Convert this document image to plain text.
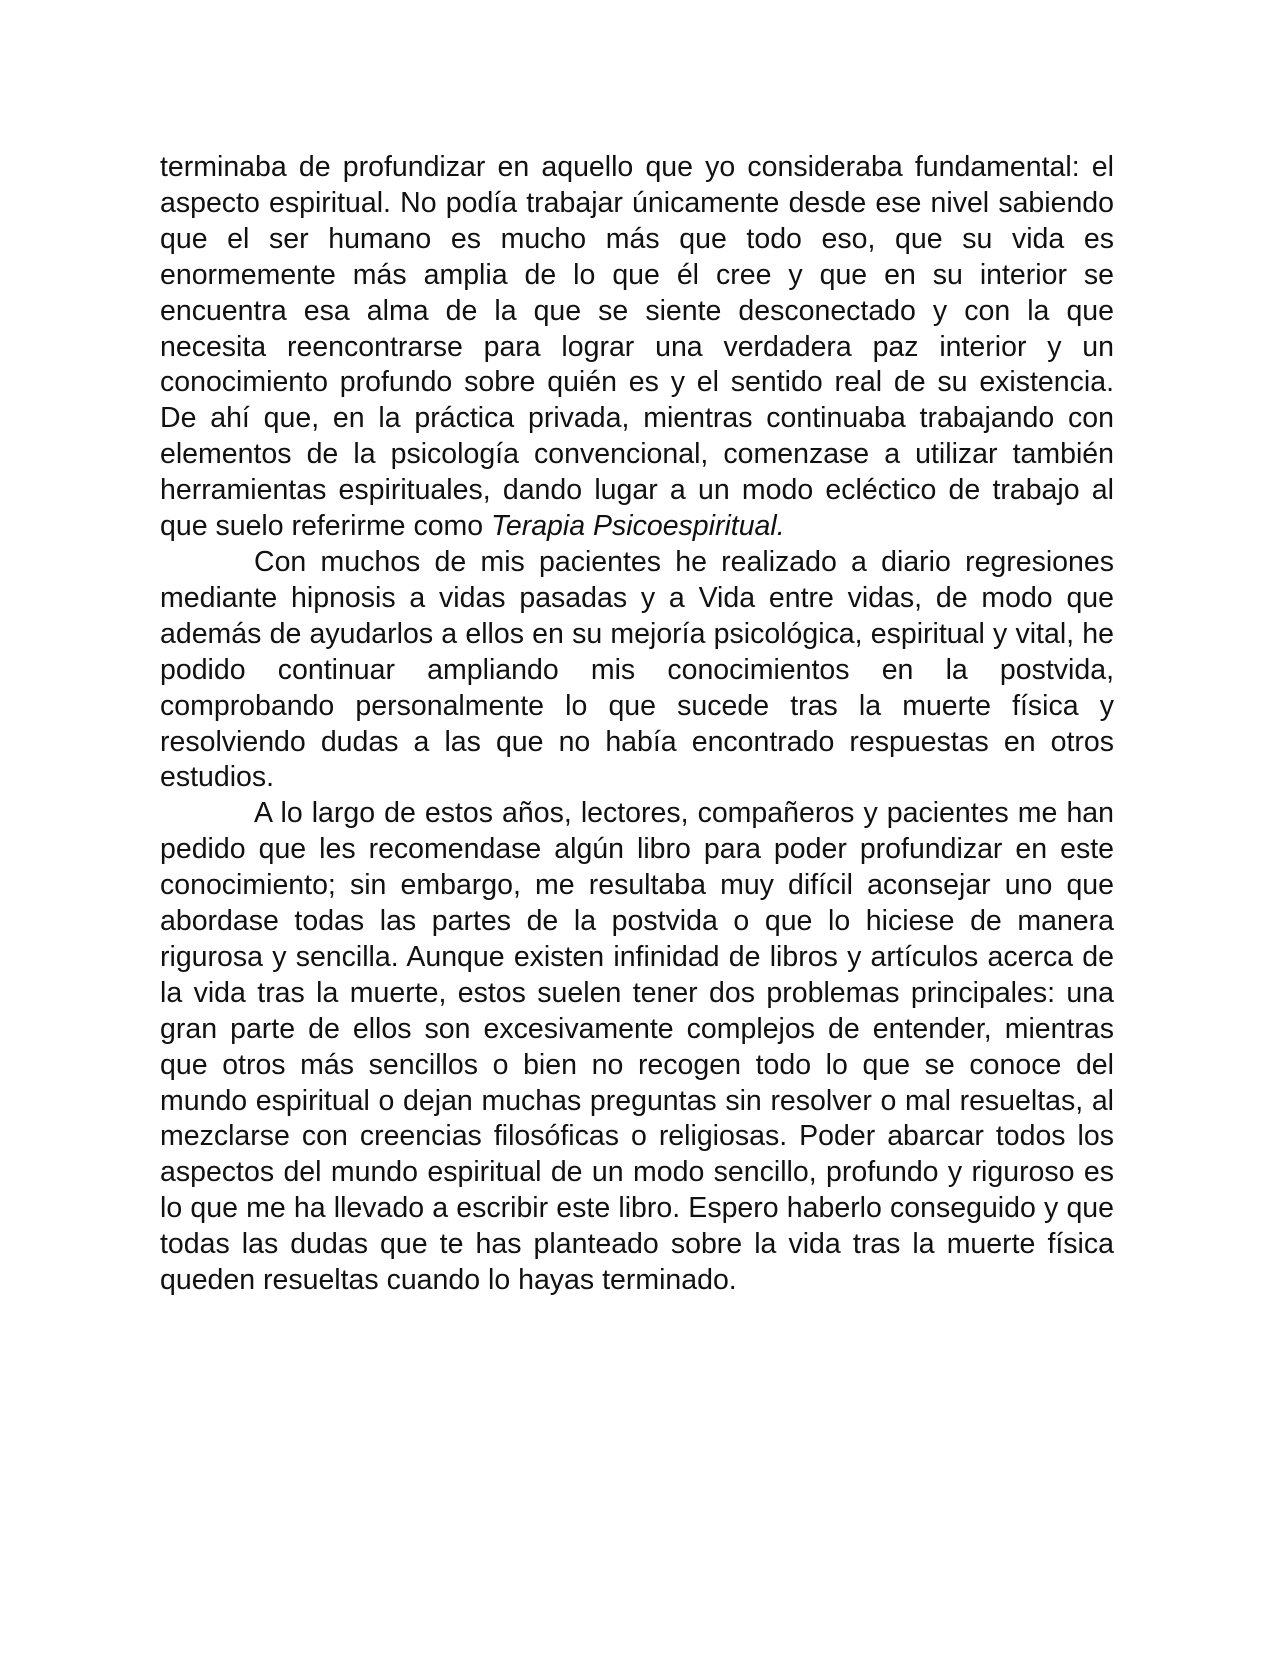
terminaba de profundizar en aquello que yo consideraba fundamental: el aspecto espiritual. No podía trabajar únicamente desde ese nivel sabiendo que el ser humano es mucho más que todo eso, que su vida es enormemente más amplia de lo que él cree y que en su interior se encuentra esa alma de la que se siente desconectado y con la que necesita reencontrarse para lograr una verdadera paz interior y un conocimiento profundo sobre quién es y el sentido real de su existencia. De ahí que, en la práctica privada, mientras continuaba trabajando con elementos de la psicología convencional, comenzase a utilizar también herramientas espirituales, dando lugar a un modo ecléctico de trabajo al que suelo referirme como Terapia Psicoespiritual.

Con muchos de mis pacientes he realizado a diario regresiones mediante hipnosis a vidas pasadas y a Vida entre vidas, de modo que además de ayudarlos a ellos en su mejoría psicológica, espiritual y vital, he podido continuar ampliando mis conocimientos en la postvida, comprobando personalmente lo que sucede tras la muerte física y resolviendo dudas a las que no había encontrado respuestas en otros estudios.

A lo largo de estos años, lectores, compañeros y pacientes me han pedido que les recomendase algún libro para poder profundizar en este conocimiento; sin embargo, me resultaba muy difícil aconsejar uno que abordase todas las partes de la postvida o que lo hiciese de manera rigurosa y sencilla. Aunque existen infinidad de libros y artículos acerca de la vida tras la muerte, estos suelen tener dos problemas principales: una gran parte de ellos son excesivamente complejos de entender, mientras que otros más sencillos o bien no recogen todo lo que se conoce del mundo espiritual o dejan muchas preguntas sin resolver o mal resueltas, al mezclarse con creencias filosóficas o religiosas. Poder abarcar todos los aspectos del mundo espiritual de un modo sencillo, profundo y riguroso es lo que me ha llevado a escribir este libro. Espero haberlo conseguido y que todas las dudas que te has planteado sobre la vida tras la muerte física queden resueltas cuando lo hayas terminado.
